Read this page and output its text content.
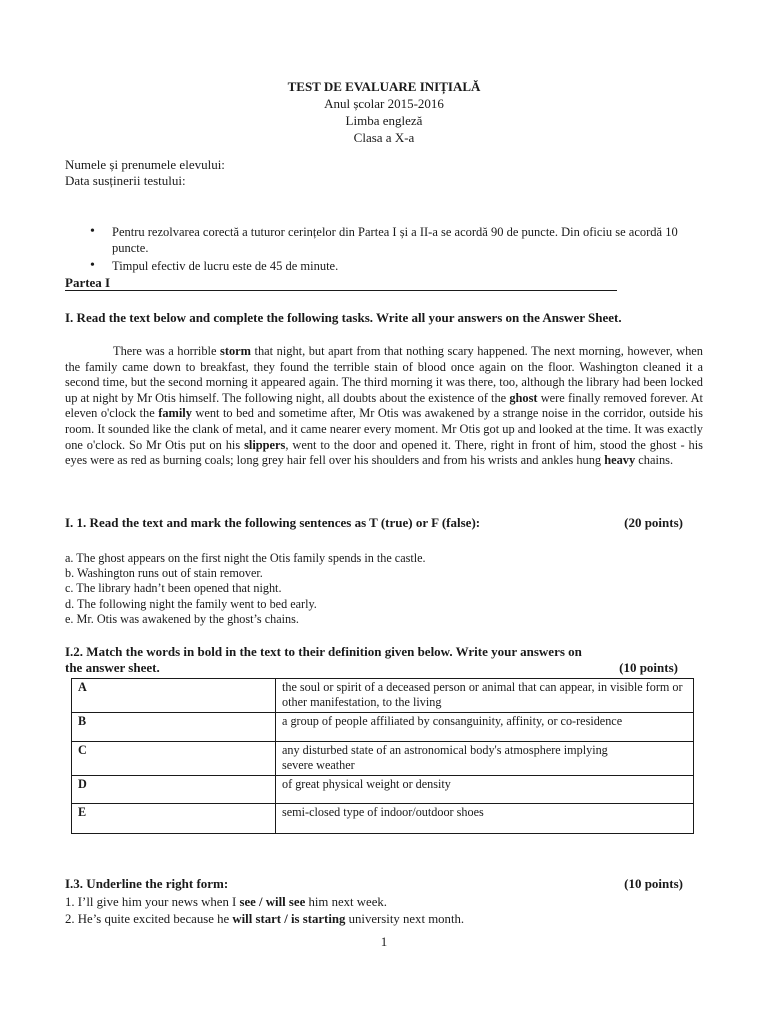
TEST DE EVALUARE INIȚIALĂ
Anul școlar 2015-2016
Limba engleză
Clasa a X-a
Numele și prenumele elevului:
Data susținerii testului:
• Pentru rezolvarea corectă a tuturor cerințelor din Partea I și a II-a se acordă 90 de puncte. Din oficiu se acordă 10 puncte.
• Timpul efectiv de lucru este de 45 de minute.
Partea I
I. Read the text below and complete the following tasks. Write all your answers on the Answer Sheet.

There was a horrible storm that night, but apart from that nothing scary happened. The next morning, however, when the family came down to breakfast, they found the terrible stain of blood once again on the floor. Washington cleaned it a second time, but the second morning it appeared again. The third morning it was there, too, although the library had been locked up at night by Mr Otis himself. The following night, all doubts about the existence of the ghost were finally removed forever. At eleven o'clock the family went to bed and sometime after, Mr Otis was awakened by a strange noise in the corridor, outside his room. It sounded like the clank of metal, and it came nearer every moment. Mr Otis got up and looked at the time. It was exactly one o'clock. So Mr Otis put on his slippers, went to the door and opened it. There, right in front of him, stood the ghost - his eyes were as red as burning coals; long grey hair fell over his shoulders and from his wrists and ankles hung heavy chains.

I. 1. Read the text and mark the following sentences as T (true) or F (false):	(20 points)
a. The ghost appears on the first night the Otis family spends in the castle.
b. Washington runs out of stain remover.
c. The library hadn’t been opened that night.
d. The following night the family went to bed early.
e. Mr. Otis was awakened by the ghost’s chains.
I.2. Match the words in bold in the text to their definition given below. Write your answers on
the answer sheet.	(10 points)
A	the soul or spirit of a deceased person or animal that can appear, in visible form or other manifestation, to the living
B	a group of people affiliated by consanguinity, affinity, or co-residence
C	any disturbed state of an astronomical body's atmosphere implying severe weather

D	of great physical weight or density
E	semi-closed type of indoor/outdoor shoes
I.3. Underline the right form:	(10 points)
1. I’ll give him your news when I see / will see him next week.
2. He’s quite excited because he will start / is starting university next month.
1
